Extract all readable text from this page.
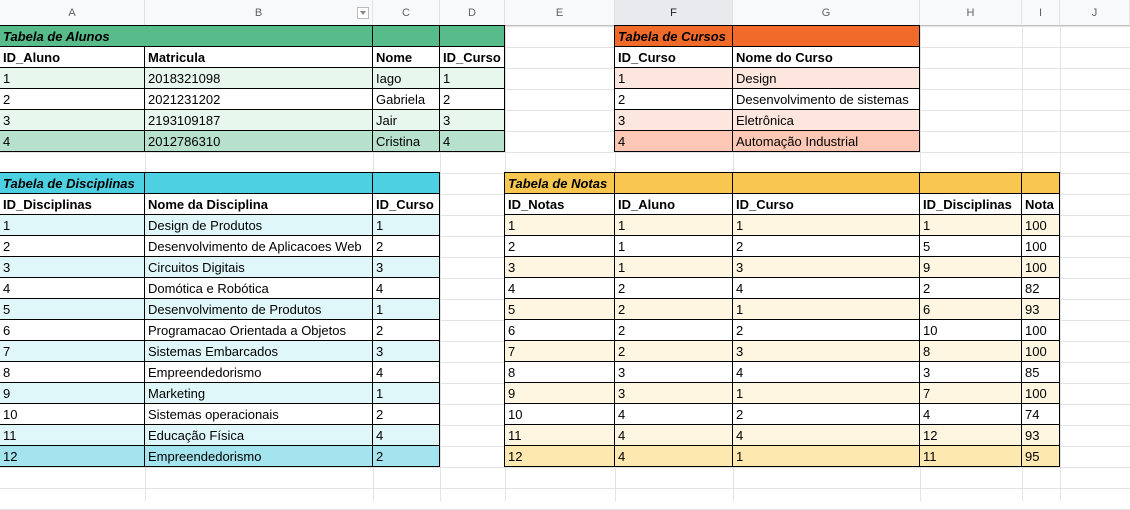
A	B	C	D	E	F	G	H	I	J
Tabela de Alunos
ID_Aluno	Matricula	Nome	ID_Curso
1	2018321098	Iago	1
2	2021231202	Gabriela	2
3	2193109187	Jair	3
4	2012786310	Cristina	4
Tabela de Cursos
ID_Curso	Nome do Curso
1	Design
2	Desenvolvimento de sistemas
3	Eletrônica
4	Automação Industrial
Tabela de Disciplinas
ID_Disciplinas	Nome da Disciplina	ID_Curso
1	Design de Produtos	1
2	Desenvolvimento de Aplicacoes Web	2
3	Circuitos Digitais	3
4	Domótica e Robótica	4
5	Desenvolvimento de Produtos	1
6	Programacao Orientada a Objetos	2
7	Sistemas Embarcados	3
8	Empreendedorismo	4
9	Marketing	1
10	Sistemas operacionais	2
11	Educação Física	4
12	Empreendedorismo	2
Tabela de Notas
ID_Notas	ID_Aluno	ID_Curso	ID_Disciplinas	Nota
1	1	1	1	100
2	1	2	5	100
3	1	3	9	100
4	2	4	2	82
5	2	1	6	93
6	2	2	10	100
7	2	3	8	100
8	3	4	3	85
9	3	1	7	100
10	4	2	4	74
11	4	4	12	93
12	4	1	11	95
